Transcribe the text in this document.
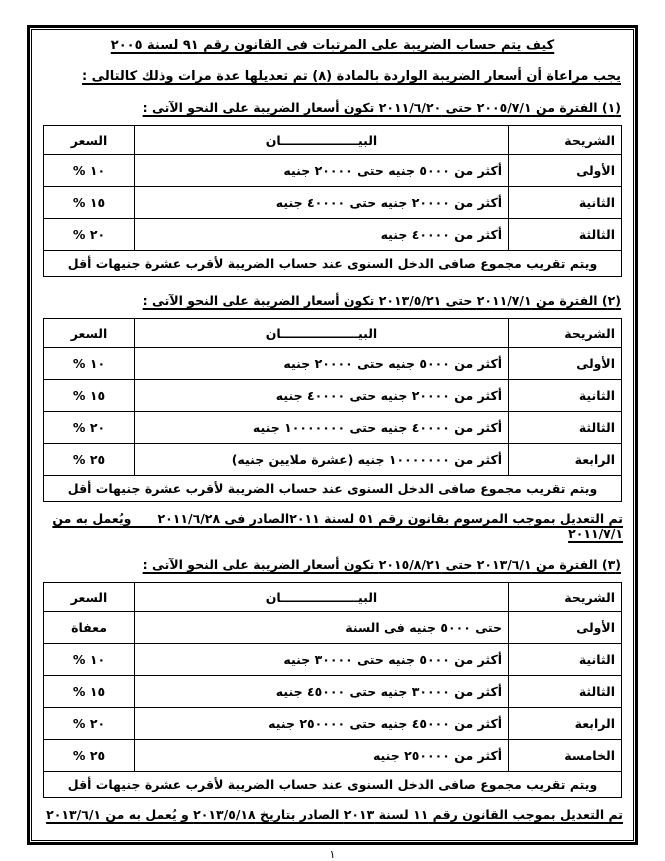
كيف يتم حساب الضريبة على المرتبات فى القانون رقم ٩١ لسنة ٢٠٠٥
يجب مراعاة أن أسعار الضريبة الواردة بالمادة (٨) تم تعديلها عدة مرات وذلك كالتالى :
(١) الفترة من ٢٠٠٥/٧/١ حتى ٢٠١١/٦/٢٠ تكون أسعار الضريبة على النحو الآتى :
الشريحة	البيــــــــــــــــــان	السعر
الأولى	أكثر من ٥٠٠٠ جنيه حتى ٢٠٠٠٠ جنيه	١٠ %
الثانية	أكثر من ٢٠٠٠٠ جنيه حتى ٤٠٠٠٠ جنيه	١٥ %
الثالثة	أكثر من ٤٠٠٠٠ جنيه	٢٠ %
ويتم تقريب مجموع صافى الدخل السنوى عند حساب الضريبة لأقرب عشرة جنيهات أقل		
(٢) الفترة من ٢٠١١/٧/١ حتى ٢٠١٣/٥/٢١ تكون أسعار الضريبة على النحو الآتى :
الشريحة	البيــــــــــــــــــان	السعر
الأولى	أكثر من ٥٠٠٠ جنيه حتى ٢٠٠٠٠ جنيه	١٠ %
الثانية	أكثر من ٢٠٠٠٠ جنيه حتى ٤٠٠٠٠ جنيه	١٥ %
الثالثة	أكثر من ٤٠٠٠٠ جنيه حتى ١٠٠٠٠٠٠٠ جنيه	٢٠ %
الرابعة	أكثر من ١٠٠٠٠٠٠٠ جنيه (عشرة ملايين جنيه)	٢٥ %
ويتم تقريب مجموع صافى الدخل السنوى عند حساب الضريبة لأقرب عشرة جنيهات أقل		
تم التعديل بموجب المرسوم بقانون رقم ٥١ لسنة ٢٠١١الصادر فى ٢٠١١/٦/٢٨      ويُعمل به من ٢٠١١/٧/١
(٣) الفترة من ٢٠١٣/٦/١ حتى ٢٠١٥/٨/٢١ تكون أسعار الضريبة على النحو الآتى :
الشريحة	البيــــــــــــــــــان	السعر
الأولى	حتى ٥٠٠٠ جنيه فى السنة	معفاة
الثانية	أكثر من ٥٠٠٠ جنيه حتى ٣٠٠٠٠ جنيه	١٠ %
الثالثة	أكثر من ٣٠٠٠٠ جنيه حتى ٤٥٠٠٠ جنيه	١٥ %
الرابعة	أكثر من ٤٥٠٠٠ جنيه حتى ٢٥٠٠٠٠ جنيه	٢٠ %
الخامسة	أكثر من ٢٥٠٠٠٠ جنيه	٢٥ %
ويتم تقريب مجموع صافى الدخل السنوى عند حساب الضريبة لأقرب عشرة جنيهات أقل		
تم التعديل بموجب القانون رقم ١١ لسنة ٢٠١٣ الصادر بتاريخ ٢٠١٣/٥/١٨ و يُعمل به من ٢٠١٣/٦/١
١
